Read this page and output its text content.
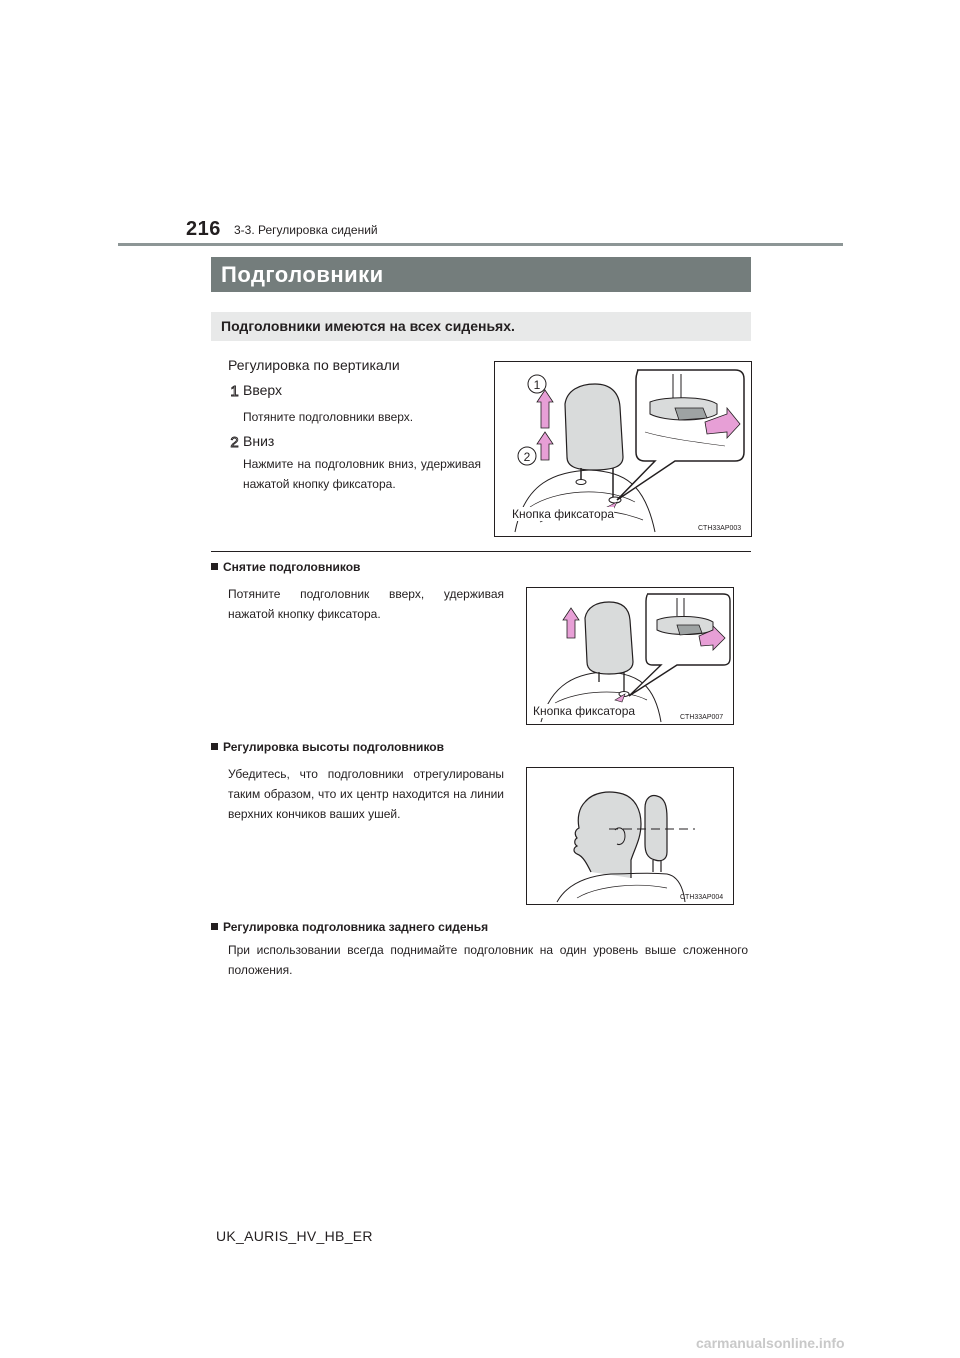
216 3-3. Регулировка сидений
Подголовники
Подголовники имеются на всех сиденьях.
Регулировка по вертикали
1 Вверх
Потяните подголовники вверх.
2 Вниз
Нажмите на подголовник вниз, удерживая нажатой кнопку фиксатора.
1
2
Кнопка фиксатора
CTH33AP003
Снятие подголовников
Потяните подголовник вверх, удерживая нажатой кнопку фиксатора.
Кнопка фиксатора	CTH33AP007
Регулировка высоты подголовников
Убедитесь, что подголовники отрегулированы таким образом, что их центр находится на линии верхних кончиков ваших ушей.
CTH33AP004
Регулировка подголовника заднего сиденья
При использовании всегда поднимайте подголовник на один уровень выше сложенного положения.
UK_AURIS_HV_HB_ER
carmanualsonline.info
